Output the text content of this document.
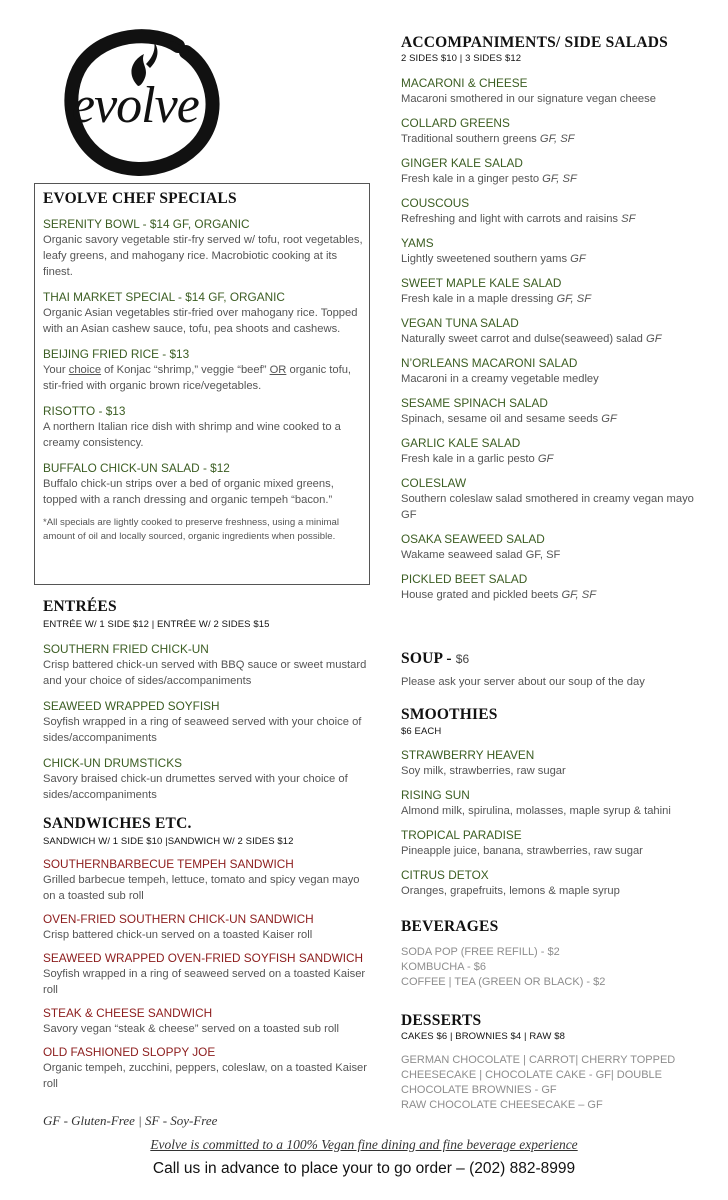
evolve
EVOLVE CHEF SPECIALS
SERENITY BOWL - $14 GF, ORGANIC
Organic savory vegetable stir-fry served w/ tofu, root vegetables, leafy greens, and mahogany rice. Macrobiotic cooking at its finest.
THAI MARKET SPECIAL - $14 GF, ORGANIC
Organic Asian vegetables stir-fried over mahogany rice. Topped with an Asian cashew sauce, tofu, pea shoots and cashews.
BEIJING FRIED RICE - $13
Your choice of Konjac “shrimp,” veggie “beef” OR organic tofu, stir-fried with organic brown rice/vegetables.
RISOTTO - $13
A northern Italian rice dish with shrimp and wine cooked to a creamy consistency.
BUFFALO CHICK-UN SALAD - $12
Buffalo chick-un strips over a bed of organic mixed greens, topped with a ranch dressing and organic tempeh “bacon.”
*All specials are lightly cooked to preserve freshness, using a minimal amount of oil and locally sourced, organic ingredients when possible.
ENTRÉES
ENTRÉE W/ 1 SIDE $12 | ENTRÉE W/ 2 SIDES $15
SOUTHERN FRIED CHICK-UN
Crisp battered chick-un served with BBQ sauce or sweet mustard and your choice of sides/accompaniments
SEAWEED WRAPPED SOYFISH
Soyfish wrapped in a ring of seaweed served with your choice of sides/accompaniments
CHICK-UN DRUMSTICKS
Savory braised chick-un drumettes served with your choice of sides/accompaniments
SANDWICHES ETC.
SANDWICH W/ 1 SIDE $10 |SANDWICH W/ 2 SIDES $12
SOUTHERNBARBECUE TEMPEH SANDWICH
Grilled barbecue tempeh, lettuce, tomato and spicy vegan mayo on a toasted sub roll
OVEN-FRIED SOUTHERN CHICK-UN SANDWICH
Crisp battered chick-un served on a toasted Kaiser roll
SEAWEED WRAPPED OVEN-FRIED SOYFISH SANDWICH
Soyfish wrapped in a ring of seaweed served on a toasted Kaiser roll
STEAK & CHEESE SANDWICH
Savory vegan “steak & cheese” served on a toasted sub roll
OLD FASHIONED SLOPPY JOE
Organic tempeh, zucchini, peppers, coleslaw, on a toasted Kaiser roll
GF - Gluten-Free | SF - Soy-Free
ACCOMPANIMENTS/ SIDE SALADS
2 SIDES $10 | 3 SIDES $12
MACARONI & CHEESE
Macaroni smothered in our signature vegan cheese
COLLARD GREENS
Traditional southern greens GF, SF
GINGER KALE SALAD
Fresh kale in a ginger pesto GF, SF
COUSCOUS
Refreshing and light with carrots and raisins SF
YAMS
Lightly sweetened southern yams GF
SWEET MAPLE KALE SALAD
Fresh kale in a maple dressing GF, SF
VEGAN TUNA SALAD
Naturally sweet carrot and dulse(seaweed) salad GF
N’ORLEANS MACARONI SALAD
Macaroni in a creamy vegetable medley
SESAME SPINACH SALAD
Spinach, sesame oil and sesame seeds GF
GARLIC KALE SALAD
Fresh kale in a garlic pesto GF
COLESLAW
Southern coleslaw salad smothered in creamy vegan mayo GF
OSAKA SEAWEED SALAD
Wakame seaweed salad GF, SF
PICKLED BEET SALAD
House grated and pickled beets GF, SF
SOUP - $6
Please ask your server about our soup of the day
SMOOTHIES
$6 EACH
STRAWBERRY HEAVEN
Soy milk, strawberries, raw sugar
RISING SUN
Almond milk, spirulina, molasses, maple syrup & tahini
TROPICAL PARADISE
Pineapple juice, banana, strawberries, raw sugar
CITRUS DETOX
Oranges, grapefruits, lemons & maple syrup
BEVERAGES
SODA POP (FREE REFILL) - $2
KOMBUCHA - $6
COFFEE | TEA (GREEN OR BLACK) - $2
DESSERTS
CAKES $6 | BROWNIES $4 | RAW $8
GERMAN CHOCOLATE | CARROT| CHERRY TOPPED
CHEESECAKE | CHOCOLATE CAKE - GF| DOUBLE
CHOCOLATE BROWNIES - GF
RAW CHOCOLATE CHEESECAKE – GF
Evolve is committed to a 100% Vegan fine dining and fine beverage experience
Call us in advance to place your to go order – (202) 882-8999
